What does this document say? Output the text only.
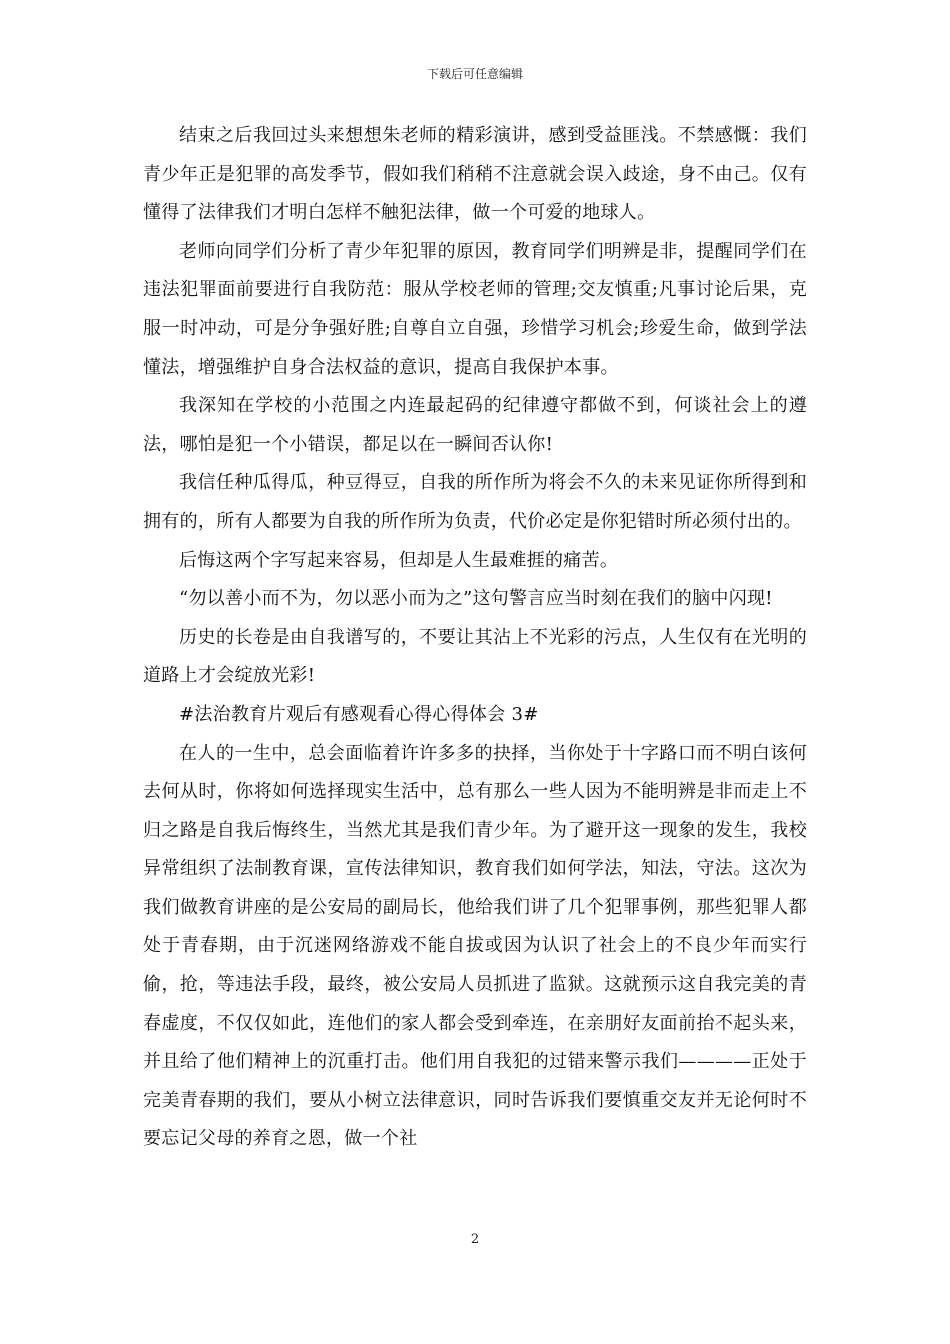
下载后可任意编辑

结束之后我回过头来想想朱老师的精彩演讲，感到受益匪浅。不禁感慨：我们青少年正是犯罪的高发季节，假如我们稍稍不注意就会误入歧途，身不由己。仅有懂得了法律我们才明白怎样不触犯法律，做一个可爱的地球人。

老师向同学们分析了青少年犯罪的原因，教育同学们明辨是非，提醒同学们在违法犯罪面前要进行自我防范：服从学校老师的管理;交友慎重;凡事讨论后果，克服一时冲动，可是分争强好胜;自尊自立自强，珍惜学习机会;珍爱生命，做到学法懂法，增强维护自身合法权益的意识，提高自我保护本事。

我深知在学校的小范围之内连最起码的纪律遵守都做不到，何谈社会上的遵法，哪怕是犯一个小错误，都足以在一瞬间否认你!

我信任种瓜得瓜，种豆得豆，自我的所作所为将会不久的未来见证你所得到和拥有的，所有人都要为自我的所作所为负责，代价必定是你犯错时所必须付出的。

后悔这两个字写起来容易，但却是人生最难捱的痛苦。

“勿以善小而不为，勿以恶小而为之”这句警言应当时刻在我们的脑中闪现!

历史的长卷是由自我谱写的，不要让其沾上不光彩的污点，人生仅有在光明的道路上才会绽放光彩!

#法治教育片观后有感观看心得心得体会 3#

在人的一生中，总会面临着许许多多的抉择，当你处于十字路口而不明白该何去何从时，你将如何选择现实生活中，总有那么一些人因为不能明辨是非而走上不归之路是自我后悔终生，当然尤其是我们青少年。为了避开这一现象的发生，我校异常组织了法制教育课，宣传法律知识，教育我们如何学法，知法，守法。这次为我们做教育讲座的是公安局的副局长，他给我们讲了几个犯罪事例，那些犯罪人都处于青春期，由于沉迷网络游戏不能自拔或因为认识了社会上的不良少年而实行偷，抢，等违法手段，最终，被公安局人员抓进了监狱。这就预示这自我完美的青春虚度，不仅仅如此，连他们的家人都会受到牵连，在亲朋好友面前抬不起头来，并且给了他们精神上的沉重打击。他们用自我犯的过错来警示我们————正处于完美青春期的我们，要从小树立法律意识，同时告诉我们要慎重交友并无论何时不要忘记父母的养育之恩，做一个社

2
